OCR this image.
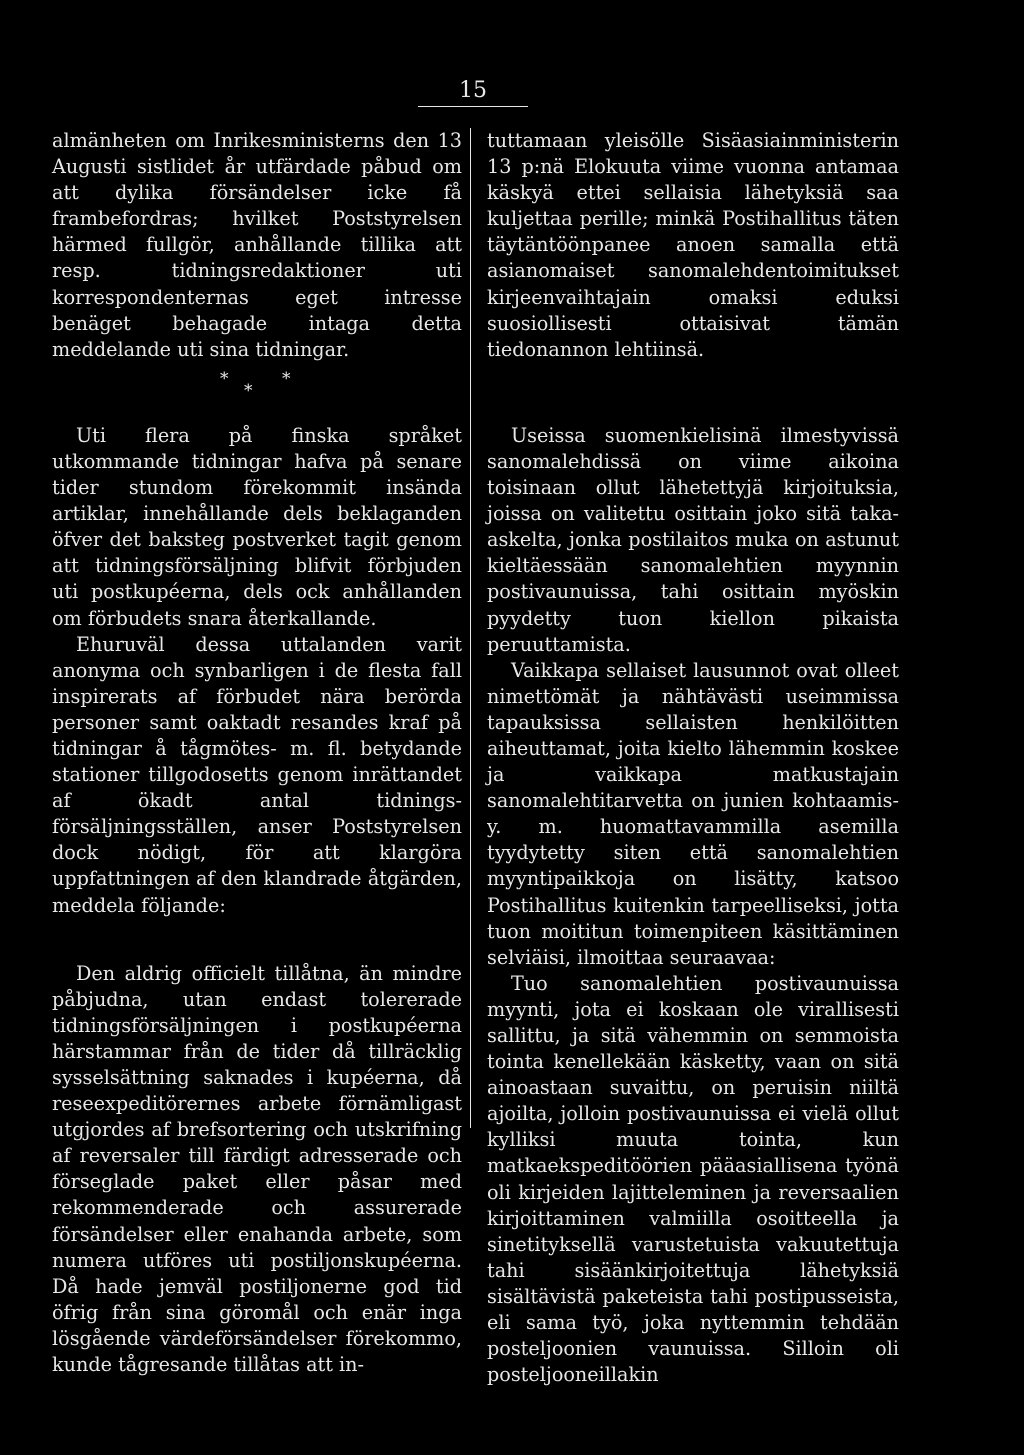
15

almänheten om Inrikesministerns den 13 Augusti sistlidet år utfärdade påbud om att dylika försändelser icke få frambefordras; hvilket Poststyrelsen härmed fullgör, anhållande tillika att resp. tidningsredaktioner uti korrespondenternas eget intresse benäget behagade intaga detta meddelande uti sina tidningar.

*
*
*

Uti flera på finska språket utkommande tidningar hafva på senare tider stundom förekommit insända artiklar, innehållande dels beklaganden öfver det baksteg postverket tagit genom att tidningsförsäljning blifvit förbjuden uti postkupéerna, dels ock anhållanden om förbudets snara återkallande.

Ehuruväl dessa uttalanden varit anonyma och synbarligen i de flesta fall inspirerats af förbudet nära berörda personer samt oaktadt resandes kraf på tidningar å tågmötes- m. fl. betydande stationer tillgodosetts genom inrättandet af ökadt antal tidnings-försäljningsställen, anser Poststyrelsen dock nödigt, för att klargöra uppfattningen af den klandrade åtgärden, meddela följande:

Den aldrig officielt tillåtna, än mindre påbjudna, utan endast tolererade tidningsförsäljningen i postkupéerna härstammar från de tider då tillräcklig sysselsättning saknades i kupéerna, då reseexpeditörernes arbete förnämligast utgjordes af brefsortering och utskrifning af reversaler till färdigt adresserade och förseglade paket eller påsar med rekommenderade och assurerade försändelser eller enahanda arbete, som numera utföres uti postiljonskupéerna. Då hade jemväl postiljonerne god tid öfrig från sina göromål och enär inga lösgående värdeförsändelser förekommo, kunde tågresande tillåtas att in-

tuttamaan yleisölle Sisäasiainministerin 13 p:nä Elokuuta viime vuonna antamaa käskyä ettei sellaisia lähetyksiä saa kuljettaa perille; minkä Postihallitus täten täytäntöönpanee anoen samalla että asianomaiset sanomalehdentoimitukset kirjeenvaihtajain omaksi eduksi suosiollisesti ottaisivat tämän tiedonannon lehtiinsä.

Useissa suomenkielisinä ilmestyvissä sanomalehdissä on viime aikoina toisinaan ollut lähetettyjä kirjoituksia, joissa on valitettu osittain joko sitä taka-askelta, jonka postilaitos muka on astunut kieltäessään sanomalehtien myynnin postivaunuissa, tahi osittain myöskin pyydetty tuon kiellon pikaista peruuttamista.

Vaikkapa sellaiset lausunnot ovat olleet nimettömät ja nähtävästi useimmissa tapauksissa sellaisten henkilöitten aiheuttamat, joita kielto lähemmin koskee ja vaikkapa matkustajain sanomalehtitarvetta on junien kohtaamis- y. m. huomattavammilla asemilla tyydytetty siten että sanomalehtien myyntipaikkoja on lisätty, katsoo Postihallitus kuitenkin tarpeelliseksi, jotta tuon moititun toimenpiteen käsittäminen selviäisi, ilmoittaa seuraavaa:

Tuo sanomalehtien postivaunuissa myynti, jota ei koskaan ole virallisesti sallittu, ja sitä vähemmin on semmoista tointa kenellekään käsketty, vaan on sitä ainoastaan suvaittu, on peruisin niiltä ajoilta, jolloin postivaunuissa ei vielä ollut kylliksi muuta tointa, kun matkaekspeditöörien pääasiallisena työnä oli kirjeiden lajitteleminen ja reversaalien kirjoittaminen valmiilla osoitteella ja sinetityksellä varustetuista vakuutettuja tahi sisäänkirjoitettuja lähetyksiä sisältävistä paketeista tahi postipusseista, eli sama työ, joka nyttemmin tehdään posteljoonien vaunuissa. Silloin oli posteljooneillakin
